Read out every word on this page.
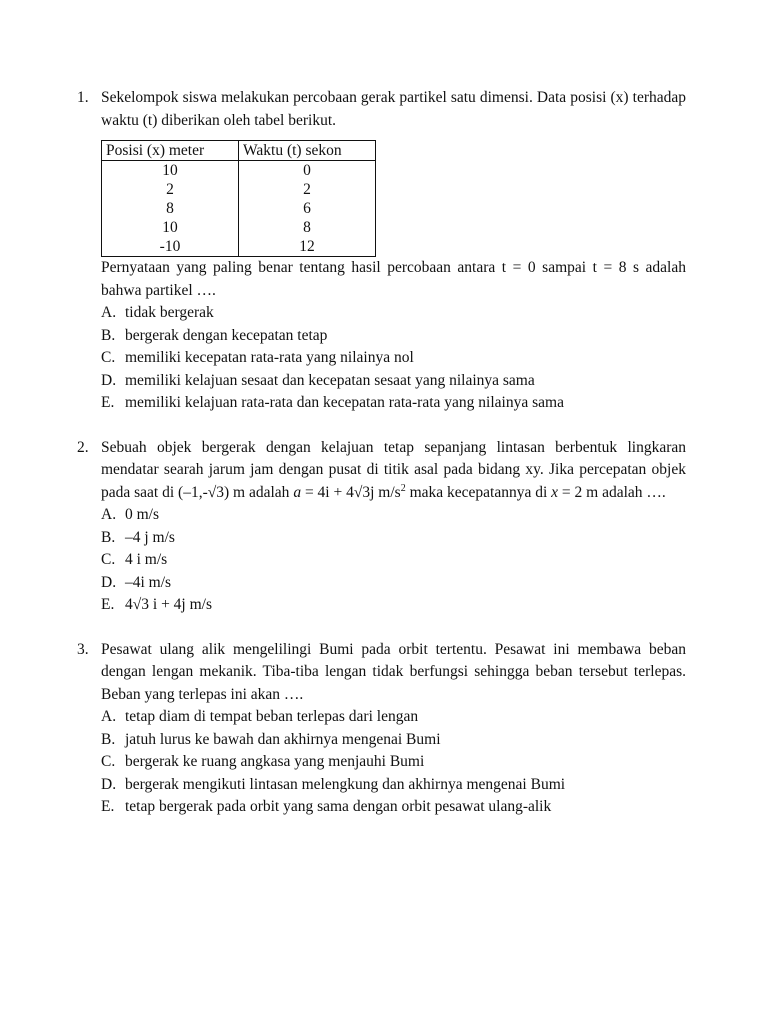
1. Sekelompok siswa melakukan percobaan gerak partikel satu dimensi. Data posisi (x) terhadap waktu (t) diberikan oleh tabel berikut.

Posisi (x) meter	Waktu (t) sekon
10	0
2	2
8	6
10	8
-10	12

Pernyataan yang paling benar tentang hasil percobaan antara t = 0 sampai t = 8 s adalah bahwa partikel ….

A. tidak bergerak
B. bergerak dengan kecepatan tetap
C. memiliki kecepatan rata-rata yang nilainya nol
D. memiliki kelajuan sesaat dan kecepatan sesaat yang nilainya sama
E. memiliki kelajuan rata-rata dan kecepatan rata-rata yang nilainya sama
2. Sebuah objek bergerak dengan kelajuan tetap sepanjang lintasan berbentuk lingkaran mendatar searah jarum jam dengan pusat di titik asal pada bidang xy. Jika percepatan objek pada saat di (–1,-√3) m adalah a = 4i + 4√3j $m/s^2$ maka kecepatannya di x = 2 m adalah ….

A. 0 m/s
B. –4 j m/s
C. 4 i m/s
D. –4i m/s
E. 4√3 i + 4j m/s
3. Pesawat ulang alik mengelilingi Bumi pada orbit tertentu. Pesawat ini membawa beban dengan lengan mekanik. Tiba-tiba lengan tidak berfungsi sehingga beban tersebut terlepas. Beban yang terlepas ini akan ….

A. tetap diam di tempat beban terlepas dari lengan
B. jatuh lurus ke bawah dan akhirnya mengenai Bumi
C. bergerak ke ruang angkasa yang menjauhi Bumi
D. bergerak mengikuti lintasan melengkung dan akhirnya mengenai Bumi
E. tetap bergerak pada orbit yang sama dengan orbit pesawat ulang-alik
